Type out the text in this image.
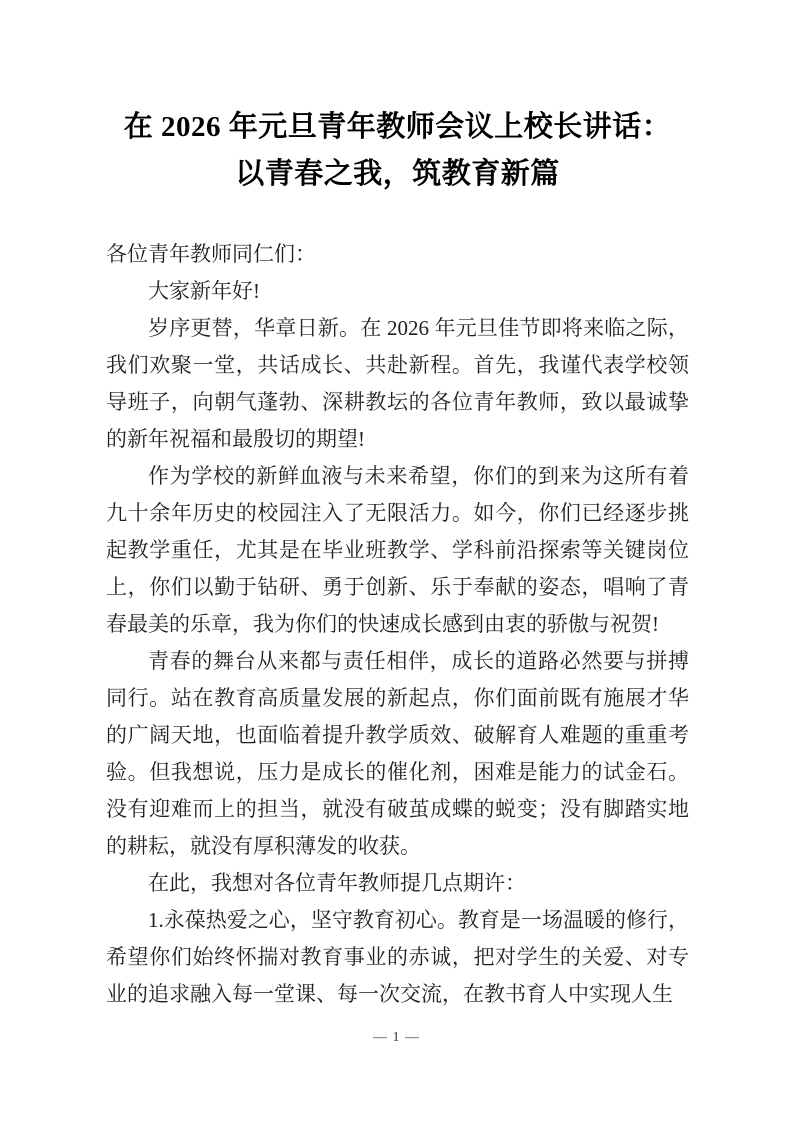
在 2026 年元旦青年教师会议上校长讲话：
以青春之我，筑教育新篇

各位青年教师同仁们：

大家新年好!

岁序更替，华章日新。在 2026 年元旦佳节即将来临之际，我们欢聚一堂，共话成长、共赴新程。首先，我谨代表学校领导班子，向朝气蓬勃、深耕教坛的各位青年教师，致以最诚挚的新年祝福和最殷切的期望!

作为学校的新鲜血液与未来希望，你们的到来为这所有着九十余年历史的校园注入了无限活力。如今，你们已经逐步挑起教学重任，尤其是在毕业班教学、学科前沿探索等关键岗位上，你们以勤于钻研、勇于创新、乐于奉献的姿态，唱响了青春最美的乐章，我为你们的快速成长感到由衷的骄傲与祝贺!

青春的舞台从来都与责任相伴，成长的道路必然要与拼搏同行。站在教育高质量发展的新起点，你们面前既有施展才华的广阔天地，也面临着提升教学质效、破解育人难题的重重考验。但我想说，压力是成长的催化剂，困难是能力的试金石。没有迎难而上的担当，就没有破茧成蝶的蜕变；没有脚踏实地的耕耘，就没有厚积薄发的收获。

在此，我想对各位青年教师提几点期许：

1.永葆热爱之心，坚守教育初心。教育是一场温暖的修行，希望你们始终怀揣对教育事业的赤诚，把对学生的关爱、对专业的追求融入每一堂课、每一次交流，在教书育人中实现人生

— 1 —
